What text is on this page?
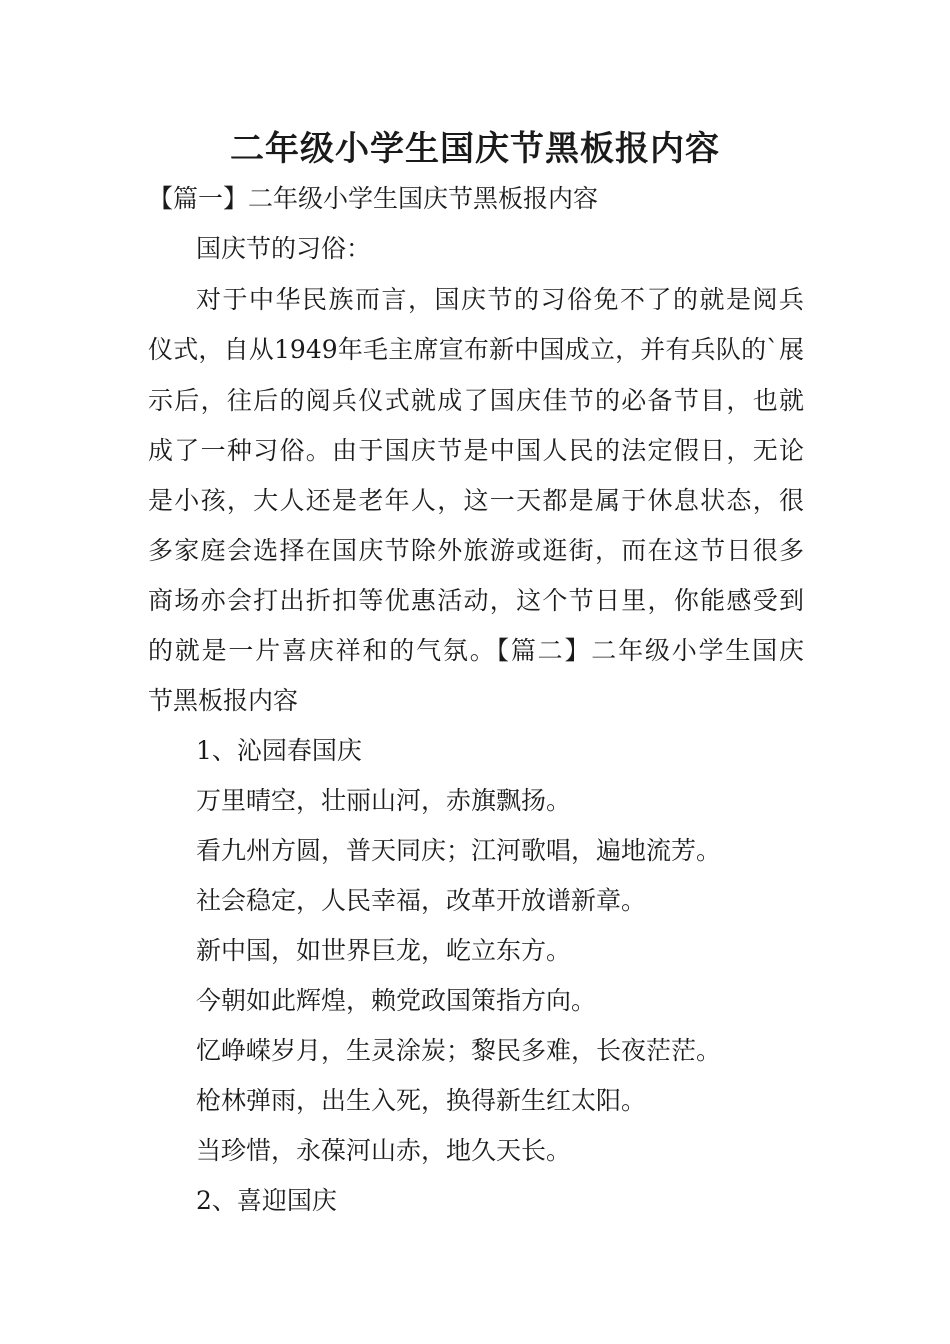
二年级小学生国庆节黑板报内容

【篇一】二年级小学生国庆节黑板报内容

国庆节的习俗：

对于中华民族而言，国庆节的习俗免不了的就是阅兵

仪式，自从1949年毛主席宣布新中国成立，并有兵队的`展

示后，往后的阅兵仪式就成了国庆佳节的必备节目，也就

成了一种习俗。由于国庆节是中国人民的法定假日，无论

是小孩，大人还是老年人，这一天都是属于休息状态，很

多家庭会选择在国庆节除外旅游或逛街，而在这节日很多

商场亦会打出折扣等优惠活动，这个节日里，你能感受到

的就是一片喜庆祥和的气氛。【篇二】二年级小学生国庆

节黑板报内容

1、沁园春国庆

万里晴空，壮丽山河，赤旗飘扬。

看九州方圆，普天同庆；江河歌唱，遍地流芳。

社会稳定，人民幸福，改革开放谱新章。

新中国，如世界巨龙，屹立东方。

今朝如此辉煌，赖党政国策指方向。

忆峥嵘岁月，生灵涂炭；黎民多难，长夜茫茫。

枪林弹雨，出生入死，换得新生红太阳。

当珍惜，永葆河山赤，地久天长。

2、喜迎国庆
